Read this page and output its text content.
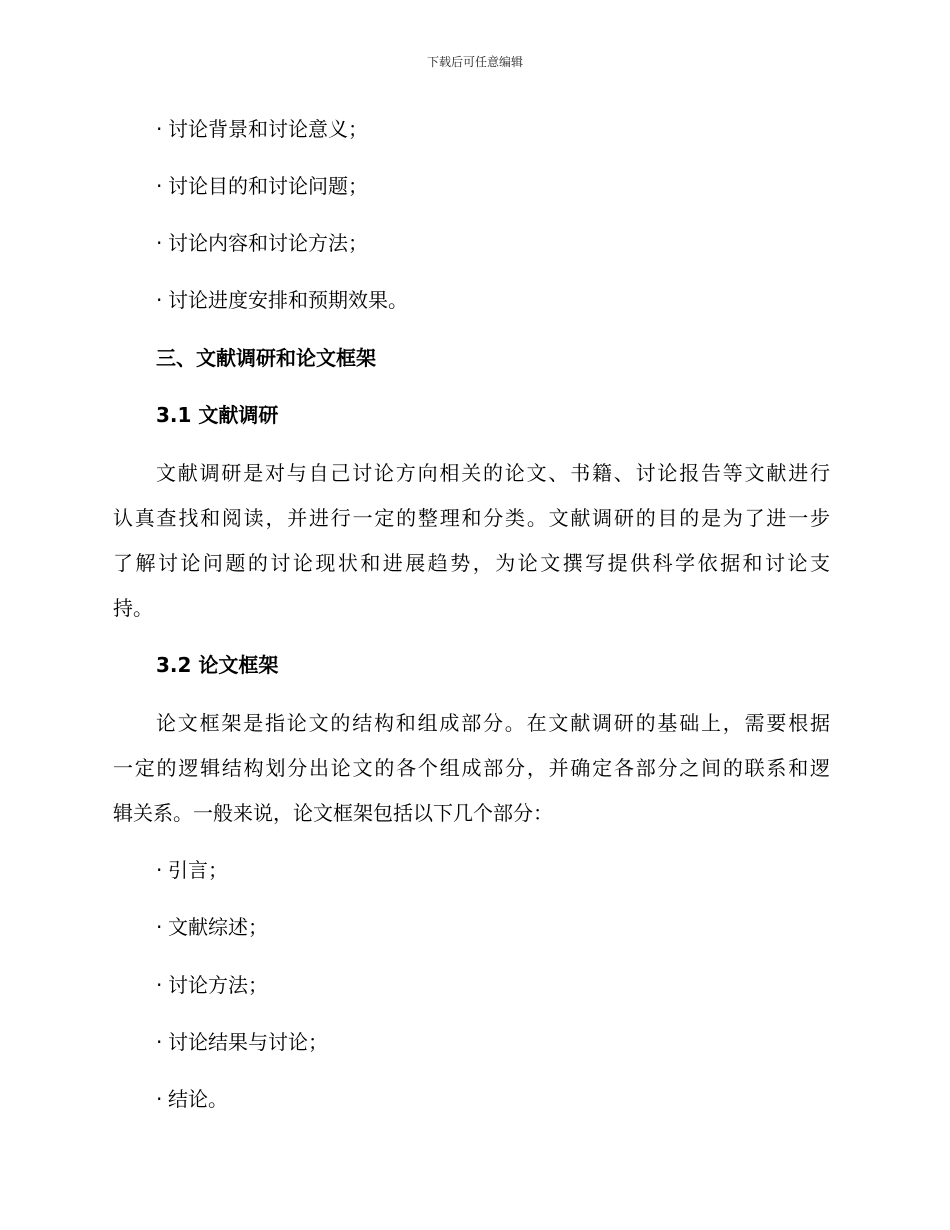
下载后可任意编辑
· 讨论背景和讨论意义；
· 讨论目的和讨论问题；
· 讨论内容和讨论方法；
· 讨论进度安排和预期效果。
三、文献调研和论文框架
3.1 文献调研
文献调研是对与自己讨论方向相关的论文、书籍、讨论报告等文献进行
认真查找和阅读，并进行一定的整理和分类。文献调研的目的是为了进一步
了解讨论问题的讨论现状和进展趋势，为论文撰写提供科学依据和讨论支
持。
3.2 论文框架
论文框架是指论文的结构和组成部分。在文献调研的基础上，需要根据
一定的逻辑结构划分出论文的各个组成部分，并确定各部分之间的联系和逻
辑关系。一般来说，论文框架包括以下几个部分：
· 引言；
· 文献综述；
· 讨论方法；
· 讨论结果与讨论；
· 结论。
